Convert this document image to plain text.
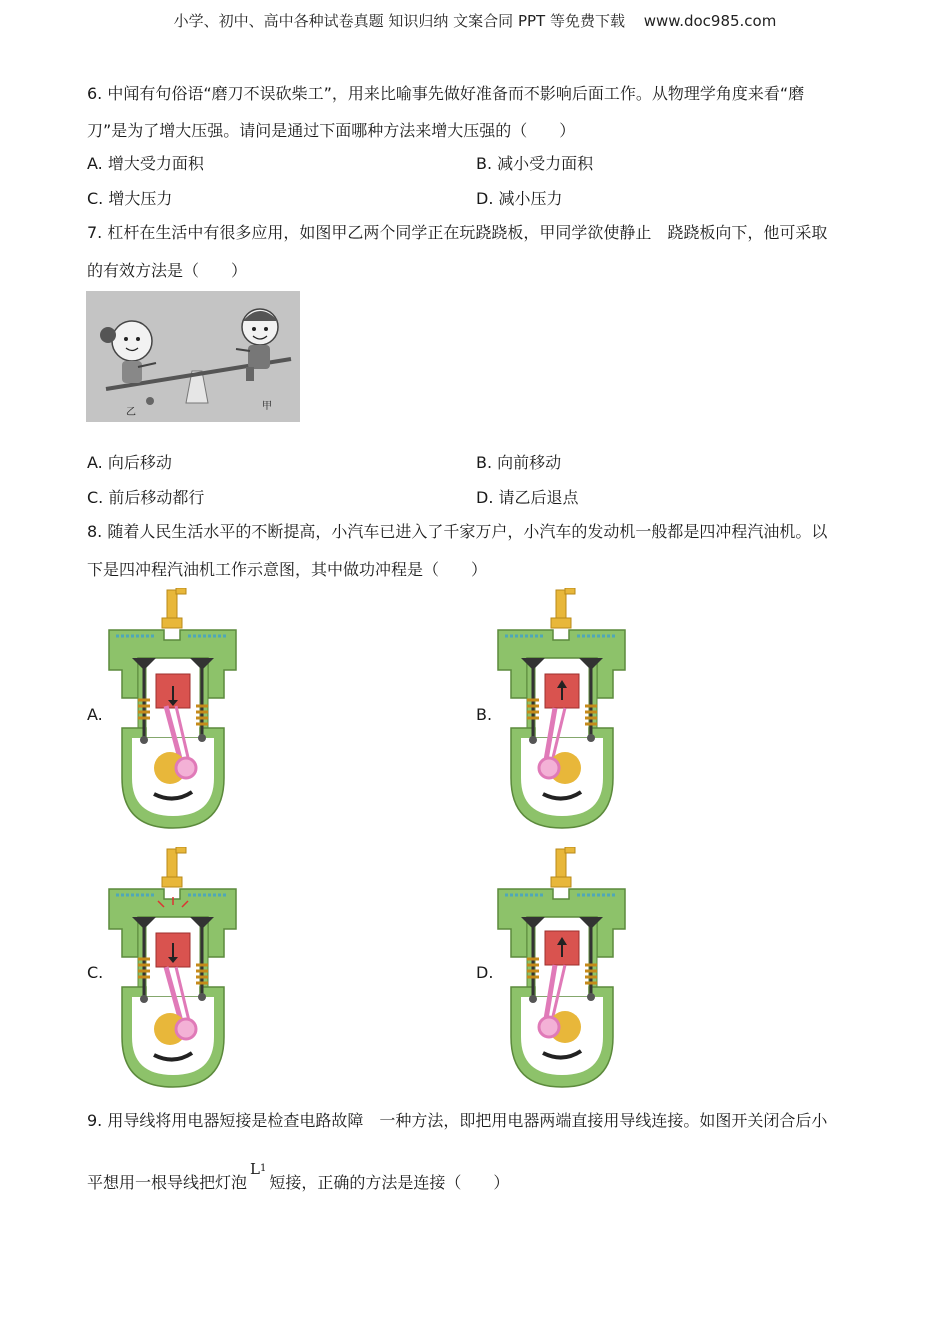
小学、初中、高中各种试卷真题 知识归纳 文案合同 PPT 等免费下载 www.doc985.com
6. 中闻有句俗语“磨刀不误砍柴工”，用来比喻事先做好准备而不影响后面工作。从物理学角度来看“磨
刀”是为了增大压强。请问是通过下面哪种方法来增大压强的（　　）
A. 增大受力面积	B. 减小受力面积
C. 增大压力	D. 减小压力
7. 杠杆在生活中有很多应用，如图甲乙两个同学正在玩跷跷板，甲同学欲使静止　跷跷板向下，他可采取
的有效方法是（　　）
乙
甲
A. 向后移动	B. 向前移动
C. 前后移动都行	D. 请乙后退点
8. 随着人民生活水平的不断提高，小汽车已进入了千家万户，小汽车的发动机一般都是四冲程汽油机。以
下是四冲程汽油机工作示意图，其中做功冲程是（　　）
A.	B.
C.	D.
9. 用导线将用电器短接是检查电路故障　一种方法，即把用电器两端直接用导线连接。如图开关闭合后小
平想用一根导线把灯泡$L^1$短接，正确的方法是连接（　　）
